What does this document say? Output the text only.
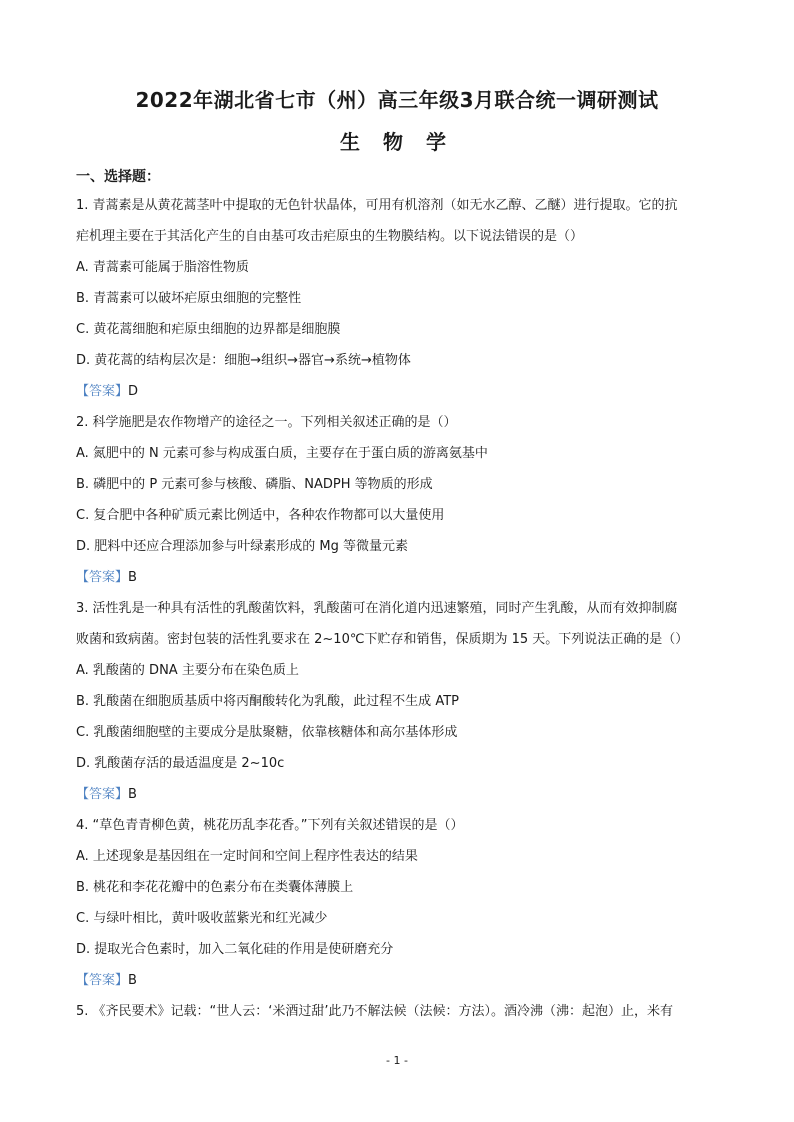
2022年湖北省七市（州）高三年级3月联合统一调研测试
生 物 学
一、选择题：
1. 青蒿素是从黄花蒿茎叶中提取的无色针状晶体，可用有机溶剂（如无水乙醇、乙醚）进行提取。它的抗
疟机理主要在于其活化产生的自由基可攻击疟原虫的生物膜结构。以下说法错误的是（）
A. 青蒿素可能属于脂溶性物质
B. 青蒿素可以破坏疟原虫细胞的完整性
C. 黄花蒿细胞和疟原虫细胞的边界都是细胞膜
D. 黄花蒿的结构层次是：细胞→组织→器官→系统→植物体
【答案】D
2. 科学施肥是农作物增产的途径之一。下列相关叙述正确的是（）
A. 氮肥中的 N 元素可参与构成蛋白质，主要存在于蛋白质的游离氨基中
B. 磷肥中的 P 元素可参与核酸、磷脂、NADPH 等物质的形成
C. 复合肥中各种矿质元素比例适中，各种农作物都可以大量使用
D. 肥料中还应合理添加参与叶绿素形成的 Mg 等微量元素
【答案】B
3. 活性乳是一种具有活性的乳酸菌饮料，乳酸菌可在消化道内迅速繁殖，同时产生乳酸，从而有效抑制腐
败菌和致病菌。密封包装的活性乳要求在 2~10℃下贮存和销售，保质期为 15 天。下列说法正确的是（）
A. 乳酸菌的 DNA 主要分布在染色质上
B. 乳酸菌在细胞质基质中将丙酮酸转化为乳酸，此过程不生成 ATP
C. 乳酸菌细胞壁的主要成分是肽聚糖，依靠核糖体和高尔基体形成
D. 乳酸菌存活的最适温度是 2~10c
【答案】B
4. “草色青青柳色黄，桃花历乱李花香。”下列有关叙述错误的是（）
A. 上述现象是基因组在一定时间和空间上程序性表达的结果
B. 桃花和李花花瓣中的色素分布在类囊体薄膜上
C. 与绿叶相比，黄叶吸收蓝紫光和红光减少
D. 提取光合色素时，加入二氧化硅的作用是使研磨充分
【答案】B
5. 《齐民要术》记载：“世人云：‘米酒过甜’此乃不解法候（法候：方法）。酒冷沸（沸：起泡）止，米有
- 1 -
